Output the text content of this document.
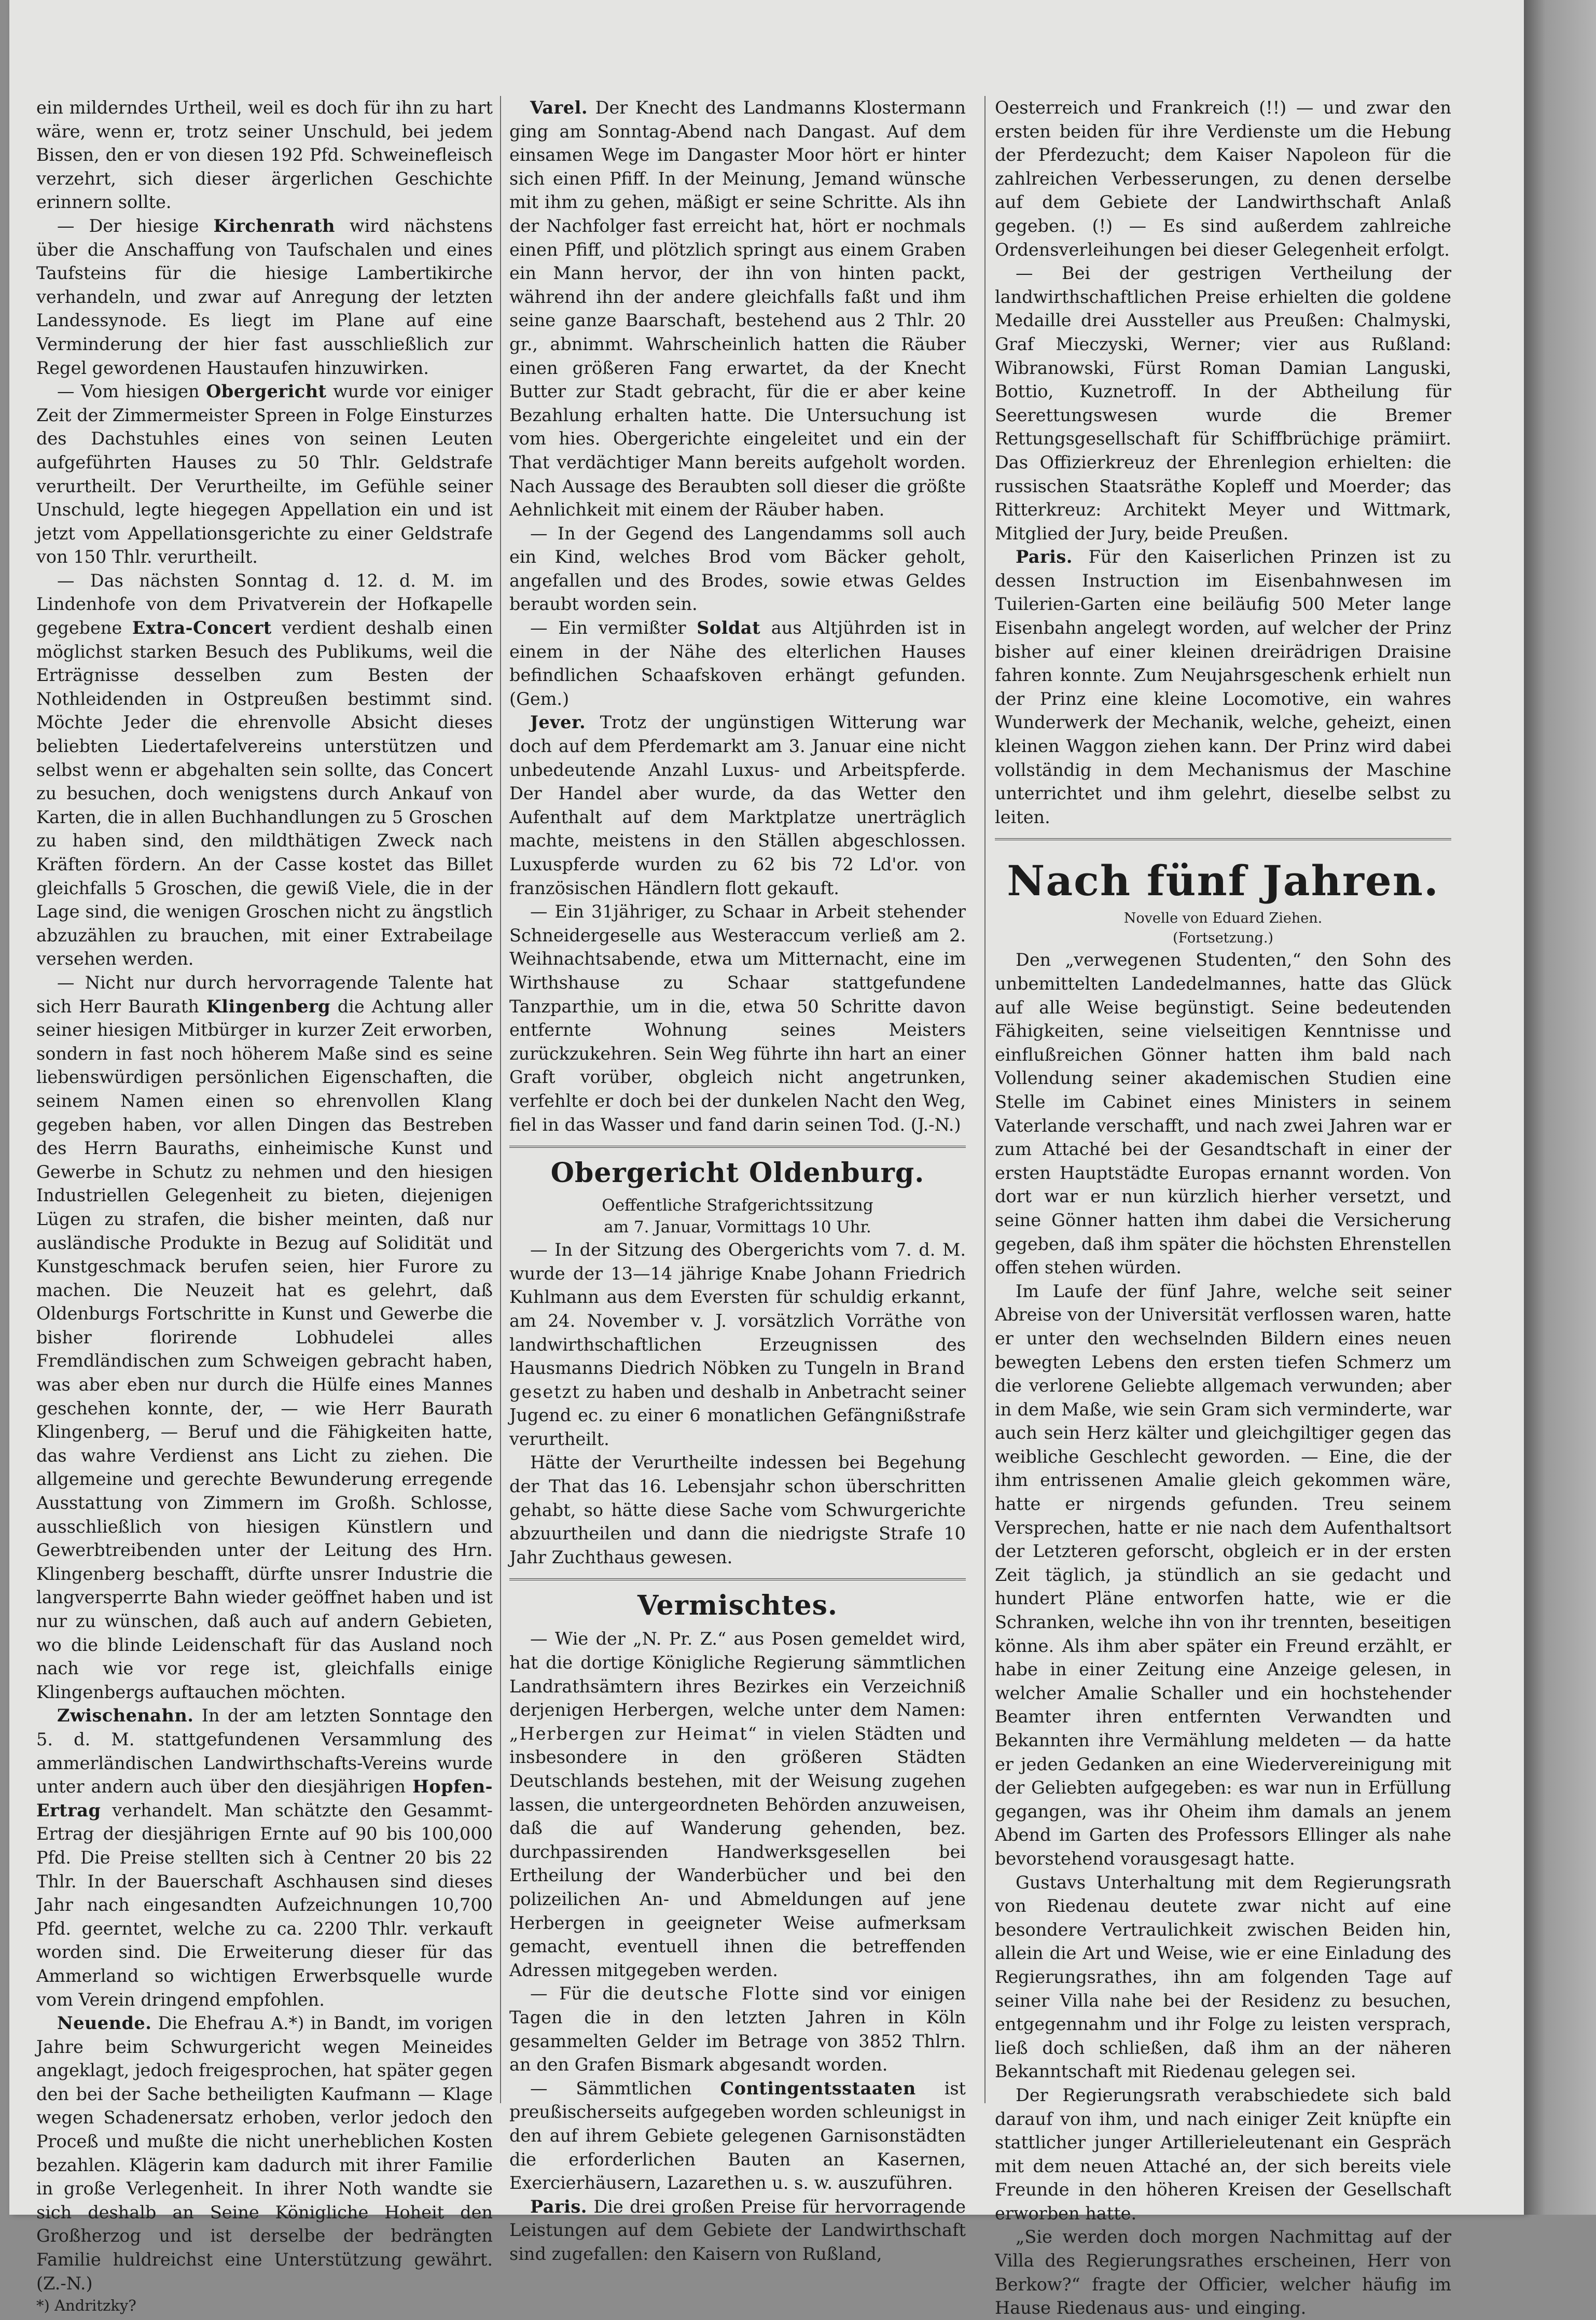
ein milderndes Urtheil, weil es doch für ihn zu hart wäre, wenn er, trotz seiner Unschuld, bei jedem Bissen, den er von diesen 192 Pfd. Schweinefleisch verzehrt, sich dieser ärgerlichen Geschichte erinnern sollte.

— Der hiesige Kirchenrath wird nächstens über die Anschaffung von Taufschalen und eines Taufsteins für die hiesige Lambertikirche verhandeln, und zwar auf Anregung der letzten Landessynode. Es liegt im Plane auf eine Verminderung der hier fast ausschließlich zur Regel gewordenen Haustaufen hinzuwirken.

— Vom hiesigen Obergericht wurde vor einiger Zeit der Zimmermeister Spreen in Folge Einsturzes des Dachstuhles eines von seinen Leuten aufgeführten Hauses zu 50 Thlr. Geldstrafe verurtheilt. Der Verurtheilte, im Gefühle seiner Unschuld, legte hiegegen Appellation ein und ist jetzt vom Appellationsgerichte zu einer Geldstrafe von 150 Thlr. verurtheilt.

— Das nächsten Sonntag d. 12. d. M. im Lindenhofe von dem Privatverein der Hofkapelle gegebene Extra-Concert verdient deshalb einen möglichst starken Besuch des Publikums, weil die Erträgnisse desselben zum Besten der Nothleidenden in Ostpreußen bestimmt sind. Möchte Jeder die ehrenvolle Absicht dieses beliebten Liedertafelvereins unterstützen und selbst wenn er abgehalten sein sollte, das Concert zu besuchen, doch wenigstens durch Ankauf von Karten, die in allen Buchhandlungen zu 5 Groschen zu haben sind, den mildthätigen Zweck nach Kräften fördern. An der Casse kostet das Billet gleichfalls 5 Groschen, die gewiß Viele, die in der Lage sind, die wenigen Groschen nicht zu ängstlich abzuzählen zu brauchen, mit einer Extrabeilage versehen werden.

— Nicht nur durch hervorragende Talente hat sich Herr Baurath Klingenberg die Achtung aller seiner hiesigen Mitbürger in kurzer Zeit erworben, sondern in fast noch höherem Maße sind es seine liebenswürdigen persönlichen Eigenschaften, die seinem Namen einen so ehrenvollen Klang gegeben haben, vor allen Dingen das Bestreben des Herrn Bauraths, einheimische Kunst und Gewerbe in Schutz zu nehmen und den hiesigen Industriellen Gelegenheit zu bieten, diejenigen Lügen zu strafen, die bisher meinten, daß nur ausländische Produkte in Bezug auf Solidität und Kunstgeschmack berufen seien, hier Furore zu machen. Die Neuzeit hat es gelehrt, daß Oldenburgs Fortschritte in Kunst und Gewerbe die bisher florirende Lobhudelei alles Fremdländischen zum Schweigen gebracht haben, was aber eben nur durch die Hülfe eines Mannes geschehen konnte, der, — wie Herr Baurath Klingenberg, — Beruf und die Fähigkeiten hatte, das wahre Verdienst ans Licht zu ziehen. Die allgemeine und gerechte Bewunderung erregende Ausstattung von Zimmern im Großh. Schlosse, ausschließlich von hiesigen Künstlern und Gewerbtreibenden unter der Leitung des Hrn. Klingenberg beschafft, dürfte unsrer Industrie die langversperrte Bahn wieder geöffnet haben und ist nur zu wünschen, daß auch auf andern Gebieten, wo die blinde Leidenschaft für das Ausland noch nach wie vor rege ist, gleichfalls einige Klingenbergs auftauchen möchten.

Zwischenahn. In der am letzten Sonntage den 5. d. M. stattgefundenen Versammlung des ammerländischen Landwirthschafts-Vereins wurde unter andern auch über den diesjährigen Hopfen-Ertrag verhandelt. Man schätzte den Gesammt-Ertrag der diesjährigen Ernte auf 90 bis 100,000 Pfd. Die Preise stellten sich à Centner 20 bis 22 Thlr. In der Bauerschaft Aschhausen sind dieses Jahr nach eingesandten Aufzeichnungen 10,700 Pfd. geerntet, welche zu ca. 2200 Thlr. verkauft worden sind. Die Erweiterung dieser für das Ammerland so wichtigen Erwerbsquelle wurde vom Verein dringend empfohlen.

Neuende. Die Ehefrau A.*) in Bandt, im vorigen Jahre beim Schwurgericht wegen Meineides angeklagt, jedoch freigesprochen, hat später gegen den bei der Sache betheiligten Kaufmann — Klage wegen Schadenersatz erhoben, verlor jedoch den Proceß und mußte die nicht unerheblichen Kosten bezahlen. Klägerin kam dadurch mit ihrer Familie in große Verlegenheit. In ihrer Noth wandte sie sich deshalb an Seine Königliche Hoheit den Großherzog und ist derselbe der bedrängten Familie huldreichst eine Unterstützung gewährt. (Z.-N.)

*) Andritzky?

Varel. Der Knecht des Landmanns Klostermann ging am Sonntag-Abend nach Dangast. Auf dem einsamen Wege im Dangaster Moor hört er hinter sich einen Pfiff. In der Meinung, Jemand wünsche mit ihm zu gehen, mäßigt er seine Schritte. Als ihn der Nachfolger fast erreicht hat, hört er nochmals einen Pfiff, und plötzlich springt aus einem Graben ein Mann hervor, der ihn von hinten packt, während ihn der andere gleichfalls faßt und ihm seine ganze Baarschaft, bestehend aus 2 Thlr. 20 gr., abnimmt. Wahrscheinlich hatten die Räuber einen größeren Fang erwartet, da der Knecht Butter zur Stadt gebracht, für die er aber keine Bezahlung erhalten hatte. Die Untersuchung ist vom hies. Obergerichte eingeleitet und ein der That verdächtiger Mann bereits aufgeholt worden. Nach Aussage des Beraubten soll dieser die größte Aehnlichkeit mit einem der Räuber haben.

— In der Gegend des Langendamms soll auch ein Kind, welches Brod vom Bäcker geholt, angefallen und des Brodes, sowie etwas Geldes beraubt worden sein.

— Ein vermißter Soldat aus Altjührden ist in einem in der Nähe des elterlichen Hauses befindlichen Schaafskoven erhängt gefunden. (Gem.)

Jever. Trotz der ungünstigen Witterung war doch auf dem Pferdemarkt am 3. Januar eine nicht unbedeutende Anzahl Luxus- und Arbeitspferde. Der Handel aber wurde, da das Wetter den Aufenthalt auf dem Marktplatze unerträglich machte, meistens in den Ställen abgeschlossen. Luxuspferde wurden zu 62 bis 72 Ld'or. von französischen Händlern flott gekauft.

— Ein 31jähriger, zu Schaar in Arbeit stehender Schneidergeselle aus Westeraccum verließ am 2. Weihnachtsabende, etwa um Mitternacht, eine im Wirthshause zu Schaar stattgefundene Tanzparthie, um in die, etwa 50 Schritte davon entfernte Wohnung seines Meisters zurückzukehren. Sein Weg führte ihn hart an einer Graft vorüber, obgleich nicht angetrunken, verfehlte er doch bei der dunkelen Nacht den Weg, fiel in das Wasser und fand darin seinen Tod. (J.-N.)

Obergericht Oldenburg.
Oeffentliche Strafgerichtssitzung
am 7. Januar, Vormittags 10 Uhr.

— In der Sitzung des Obergerichts vom 7. d. M. wurde der 13—14 jährige Knabe Johann Friedrich Kuhlmann aus dem Eversten für schuldig erkannt, am 24. November v. J. vorsätzlich Vorräthe von landwirthschaftlichen Erzeugnissen des Hausmanns Diedrich Nöbken zu Tungeln in Brand gesetzt zu haben und deshalb in Anbetracht seiner Jugend ec. zu einer 6 monatlichen Gefängnißstrafe verurtheilt.

Hätte der Verurtheilte indessen bei Begehung der That das 16. Lebensjahr schon überschritten gehabt, so hätte diese Sache vom Schwurgerichte abzuurtheilen und dann die niedrigste Strafe 10 Jahr Zuchthaus gewesen.

Vermischtes.

— Wie der „N. Pr. Z.“ aus Posen gemeldet wird, hat die dortige Königliche Regierung sämmtlichen Landrathsämtern ihres Bezirkes ein Verzeichniß derjenigen Herbergen, welche unter dem Namen: „Herbergen zur Heimat“ in vielen Städten und insbesondere in den größeren Städten Deutschlands bestehen, mit der Weisung zugehen lassen, die untergeordneten Behörden anzuweisen, daß die auf Wanderung gehenden, bez. durchpassirenden Handwerksgesellen bei Ertheilung der Wanderbücher und bei den polizeilichen An- und Abmeldungen auf jene Herbergen in geeigneter Weise aufmerksam gemacht, eventuell ihnen die betreffenden Adressen mitgegeben werden.

— Für die deutsche Flotte sind vor einigen Tagen die in den letzten Jahren in Köln gesammelten Gelder im Betrage von 3852 Thlrn. an den Grafen Bismark abgesandt worden.

— Sämmtlichen Contingentsstaaten ist preußischerseits aufgegeben worden schleunigst in den auf ihrem Gebiete gelegenen Garnisonstädten die erforderlichen Bauten an Kasernen, Exercierhäusern, Lazarethen u. s. w. auszuführen.

Paris. Die drei großen Preise für hervorragende Leistungen auf dem Gebiete der Landwirthschaft sind zugefallen: den Kaisern von Rußland,

Oesterreich und Frankreich (!!) — und zwar den ersten beiden für ihre Verdienste um die Hebung der Pferdezucht; dem Kaiser Napoleon für die zahlreichen Verbesserungen, zu denen derselbe auf dem Gebiete der Landwirthschaft Anlaß gegeben. (!) — Es sind außerdem zahlreiche Ordensverleihungen bei dieser Gelegenheit erfolgt.

— Bei der gestrigen Vertheilung der landwirthschaftlichen Preise erhielten die goldene Medaille drei Aussteller aus Preußen: Chalmyski, Graf Mieczyski, Werner; vier aus Rußland: Wibranowski, Fürst Roman Damian Languski, Bottio, Kuznetroff. In der Abtheilung für Seerettungswesen wurde die Bremer Rettungsgesellschaft für Schiffbrüchige prämiirt. Das Offizierkreuz der Ehrenlegion erhielten: die russischen Staatsräthe Kopleff und Moerder; das Ritterkreuz: Architekt Meyer und Wittmark, Mitglied der Jury, beide Preußen.

Paris. Für den Kaiserlichen Prinzen ist zu dessen Instruction im Eisenbahnwesen im Tuilerien-Garten eine beiläufig 500 Meter lange Eisenbahn angelegt worden, auf welcher der Prinz bisher auf einer kleinen dreirädrigen Draisine fahren konnte. Zum Neujahrsgeschenk erhielt nun der Prinz eine kleine Locomotive, ein wahres Wunderwerk der Mechanik, welche, geheizt, einen kleinen Waggon ziehen kann. Der Prinz wird dabei vollständig in dem Mechanismus der Maschine unterrichtet und ihm gelehrt, dieselbe selbst zu leiten.

Nach fünf Jahren.
Novelle von Eduard Ziehen.
(Fortsetzung.)

Den „verwegenen Studenten,“ den Sohn des unbemittelten Landedelmannes, hatte das Glück auf alle Weise begünstigt. Seine bedeutenden Fähigkeiten, seine vielseitigen Kenntnisse und einflußreichen Gönner hatten ihm bald nach Vollendung seiner akademischen Studien eine Stelle im Cabinet eines Ministers in seinem Vaterlande verschafft, und nach zwei Jahren war er zum Attaché bei der Gesandtschaft in einer der ersten Hauptstädte Europas ernannt worden. Von dort war er nun kürzlich hierher versetzt, und seine Gönner hatten ihm dabei die Versicherung gegeben, daß ihm später die höchsten Ehrenstellen offen stehen würden.

Im Laufe der fünf Jahre, welche seit seiner Abreise von der Universität verflossen waren, hatte er unter den wechselnden Bildern eines neuen bewegten Lebens den ersten tiefen Schmerz um die verlorene Geliebte allgemach verwunden; aber in dem Maße, wie sein Gram sich verminderte, war auch sein Herz kälter und gleichgiltiger gegen das weibliche Geschlecht geworden. — Eine, die der ihm entrissenen Amalie gleich gekommen wäre, hatte er nirgends gefunden. Treu seinem Versprechen, hatte er nie nach dem Aufenthaltsort der Letzteren geforscht, obgleich er in der ersten Zeit täglich, ja stündlich an sie gedacht und hundert Pläne entworfen hatte, wie er die Schranken, welche ihn von ihr trennten, beseitigen könne. Als ihm aber später ein Freund erzählt, er habe in einer Zeitung eine Anzeige gelesen, in welcher Amalie Schaller und ein hochstehender Beamter ihren entfernten Verwandten und Bekannten ihre Vermählung meldeten — da hatte er jeden Gedanken an eine Wiedervereinigung mit der Geliebten aufgegeben: es war nun in Erfüllung gegangen, was ihr Oheim ihm damals an jenem Abend im Garten des Professors Ellinger als nahe bevorstehend vorausgesagt hatte.

Gustavs Unterhaltung mit dem Regierungsrath von Riedenau deutete zwar nicht auf eine besondere Vertraulichkeit zwischen Beiden hin, allein die Art und Weise, wie er eine Einladung des Regierungsrathes, ihn am folgenden Tage auf seiner Villa nahe bei der Residenz zu besuchen, entgegennahm und ihr Folge zu leisten versprach, ließ doch schließen, daß ihm an der näheren Bekanntschaft mit Riedenau gelegen sei.

Der Regierungsrath verabschiedete sich bald darauf von ihm, und nach einiger Zeit knüpfte ein stattlicher junger Artillerieleutenant ein Gespräch mit dem neuen Attaché an, der sich bereits viele Freunde in den höheren Kreisen der Gesellschaft erworben hatte.

„Sie werden doch morgen Nachmittag auf der Villa des Regierungsrathes erscheinen, Herr von Berkow?“ fragte der Officier, welcher häufig im Hause Riedenaus aus- und einging.
